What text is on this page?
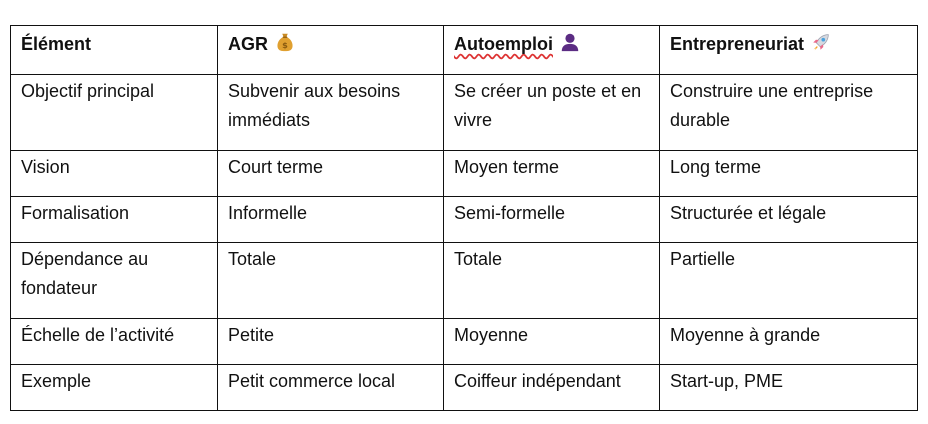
Élément	AGR $	Autoemploi	Entrepreneuriat
Objectif principal	Subvenir aux besoins immédiats	Se créer un poste et en vivre	Construire une entreprise durable
Vision	Court terme	Moyen terme	Long terme
Formalisation	Informelle	Semi-formelle	Structurée et légale
Dépendance au fondateur	Totale	Totale	Partielle
Échelle de l’activité	Petite	Moyenne	Moyenne à grande
Exemple	Petit commerce local	Coiffeur indépendant	Start-up, PME
